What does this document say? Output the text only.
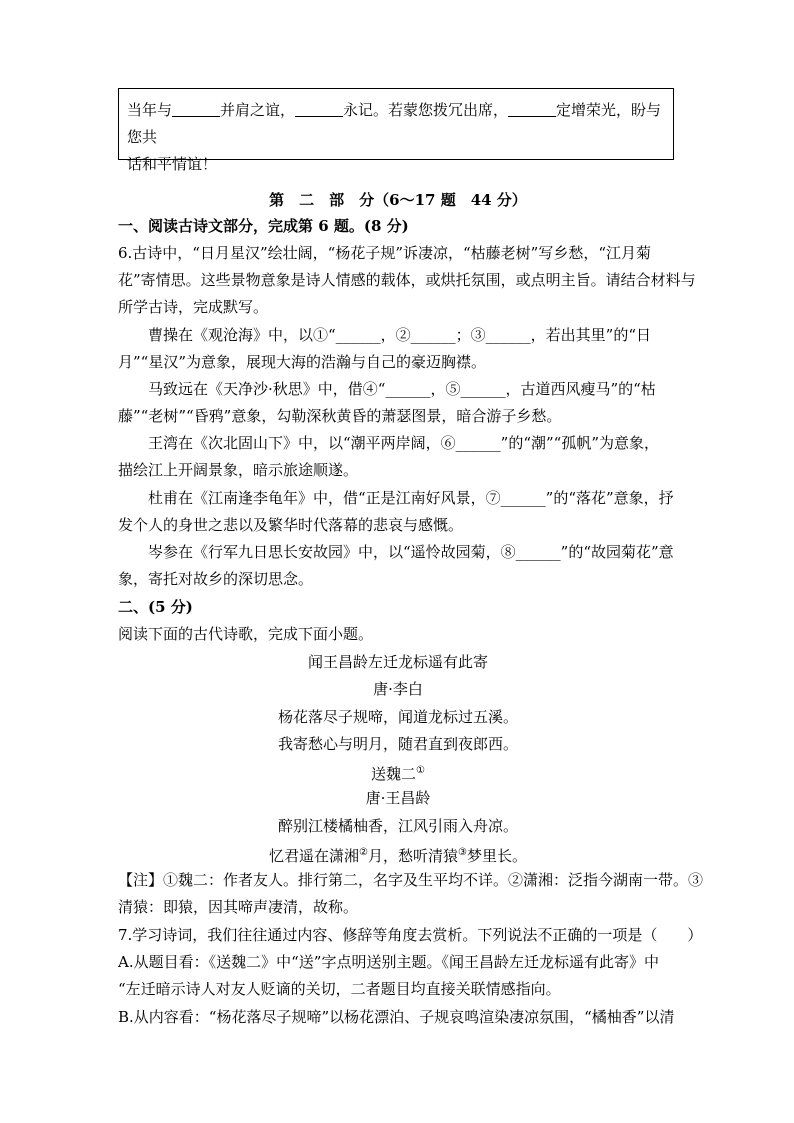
当年与	并肩之谊，	永记。若蒙您拨冗出席，	定增荣光，盼与您共
话和平情谊！
第　二　部　分（6～17 题　44 分）
一、阅读古诗文部分，完成第 6 题。(8 分)
6.古诗中，“日月星汉”绘壮阔，“杨花子规”诉凄凉，“枯藤老树”写乡愁，“江月菊
花”寄情思。这些景物意象是诗人情感的载体，或烘托氛围，或点明主旨。请结合材料与
所学古诗，完成默写。
曹操在《观沧海》中，以①“______，②______；③______，若出其里”的“日
月”“星汉”为意象，展现大海的浩瀚与自己的豪迈胸襟。
马致远在《天净沙·秋思》中，借④“______，⑤______，古道西风瘦马”的“枯
藤”“老树”“昏鸦”意象，勾勒深秋黄昏的萧瑟图景，暗合游子乡愁。
王湾在《次北固山下》中，以“潮平两岸阔，⑥______”的“潮”“孤帆”为意象，
描绘江上开阔景象，暗示旅途顺遂。
杜甫在《江南逢李龟年》中，借“正是江南好风景，⑦______”的“落花”意象，抒
发个人的身世之悲以及繁华时代落幕的悲哀与感慨。
岑参在《行军九日思长安故园》中，以“遥怜故园菊，⑧______”的“故园菊花”意
象，寄托对故乡的深切思念。
二、(5 分)
阅读下面的古代诗歌，完成下面小题。
闻王昌龄左迁龙标遥有此寄
唐·李白
杨花落尽子规啼，闻道龙标过五溪。
我寄愁心与明月，随君直到夜郎西。
送魏二①
唐·王昌龄
醉别江楼橘柚香，江风引雨入舟凉。
忆君遥在潇湘②月，愁听清猿③梦里长。
【注】①魏二：作者友人。排行第二，名字及生平均不详。②潇湘：泛指今湖南一带。③
清猿：即猿，因其啼声凄清，故称。
7.学习诗词，我们往往通过内容、修辞等角度去赏析。下列说法不正确的一项是（　　）
A.从题目看：《送魏二》中“送”字点明送别主题。《闻王昌龄左迁龙标遥有此寄》中
“左迁暗示诗人对友人贬谪的关切，二者题目均直接关联情感指向。
B.从内容看：“杨花落尽子规啼”以杨花漂泊、子规哀鸣渲染凄凉氛围，“橘柚香”以清
